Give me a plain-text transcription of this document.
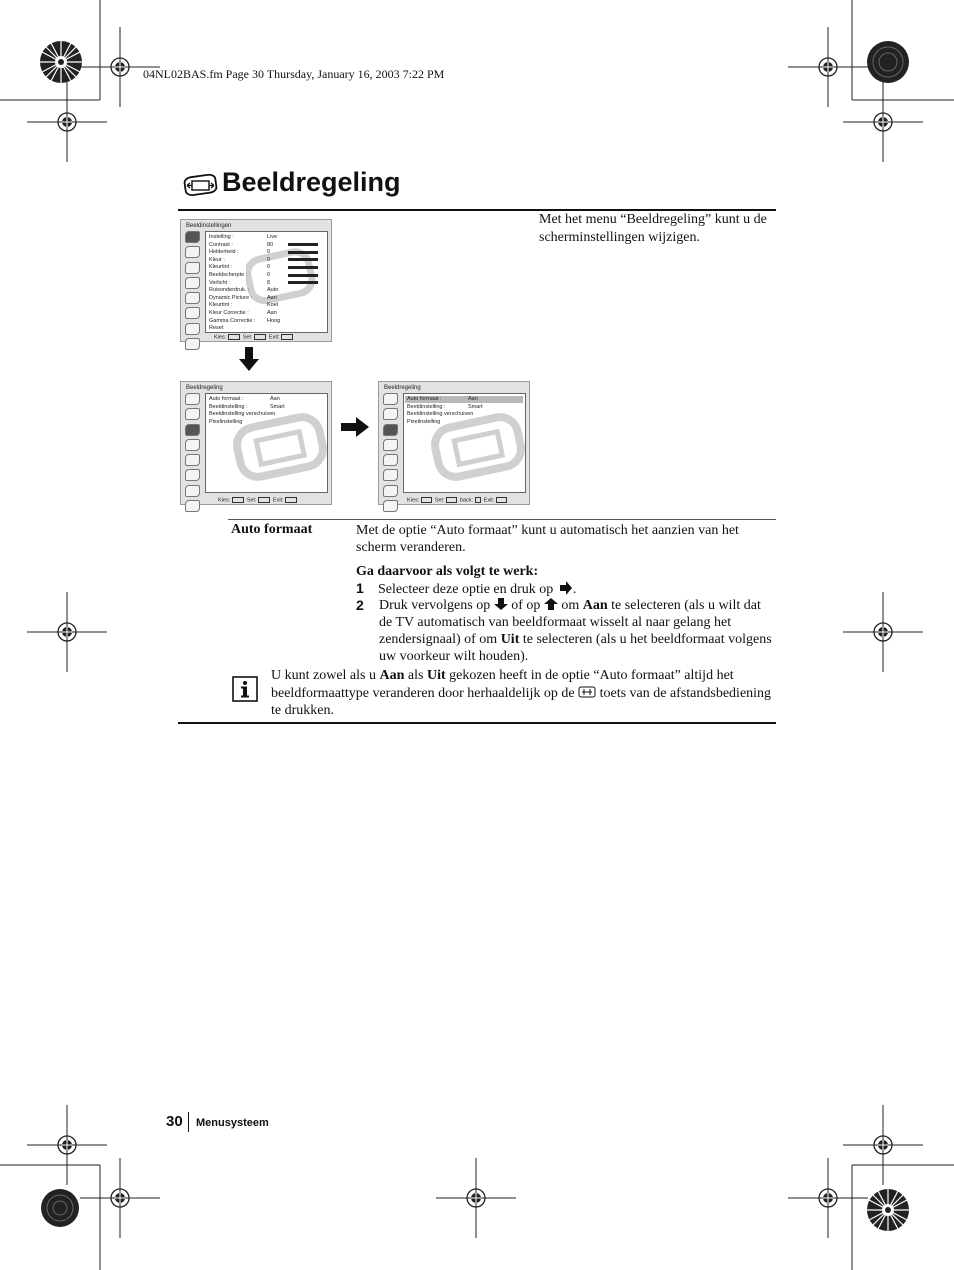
04NL02BAS.fm Page 30 Thursday, January 16, 2003 7:22 PM
Beeldregeling
Met het menu “Beeldregeling” kunt u de scherminstellingen wijzigen.
Beeldinstellingen
Instelling :	Live
Contrast :	80
Helderheid :	0
Kleur :	0
Kleurtint :	0
Beeldscherpte :	0
Verlicht :	8
Ruisonderdruk. :	Auto
Dynamic Picture :	Aan
Kleurtint :	Koel
Kleur Correctie :	Aan
Gamma Correctie : Hoog
Reset
Kies:	Sel:	Exit:
Beeldregeling
Auto formaat :	Aan
Beeldinstelling :	Smart
Beeldinstelling verschuiven
Pixelinstelling
Kies:	Sel:	Exit:
Beeldregeling
Auto formaat :	Aan
Beeldinstelling :	Smart
Beeldinstelling verschuiven
Pixelinstelling
Kies:	Sel:	back: Exit:
Auto formaat	Met de optie “Auto formaat” kunt u automatisch het aanzien van het scherm veranderen.
Ga daarvoor als volgt te werk:
1 Selecteer deze optie en druk op .
2	Druk vervolgens op of op om Aan te selecteren (als u wilt dat de TV automatisch van beeldformaat wisselt al naar gelang het zendersignaal) of om Uit te selecteren (als u het beeldformaat volgens uw voorkeur wilt houden).
U kunt zowel als u Aan als Uit gekozen heeft in de optie “Auto formaat” altijd het beeldformaattype veranderen door herhaaldelijk op de toets van de afstandsbediening te drukken.
30 Menusysteem
